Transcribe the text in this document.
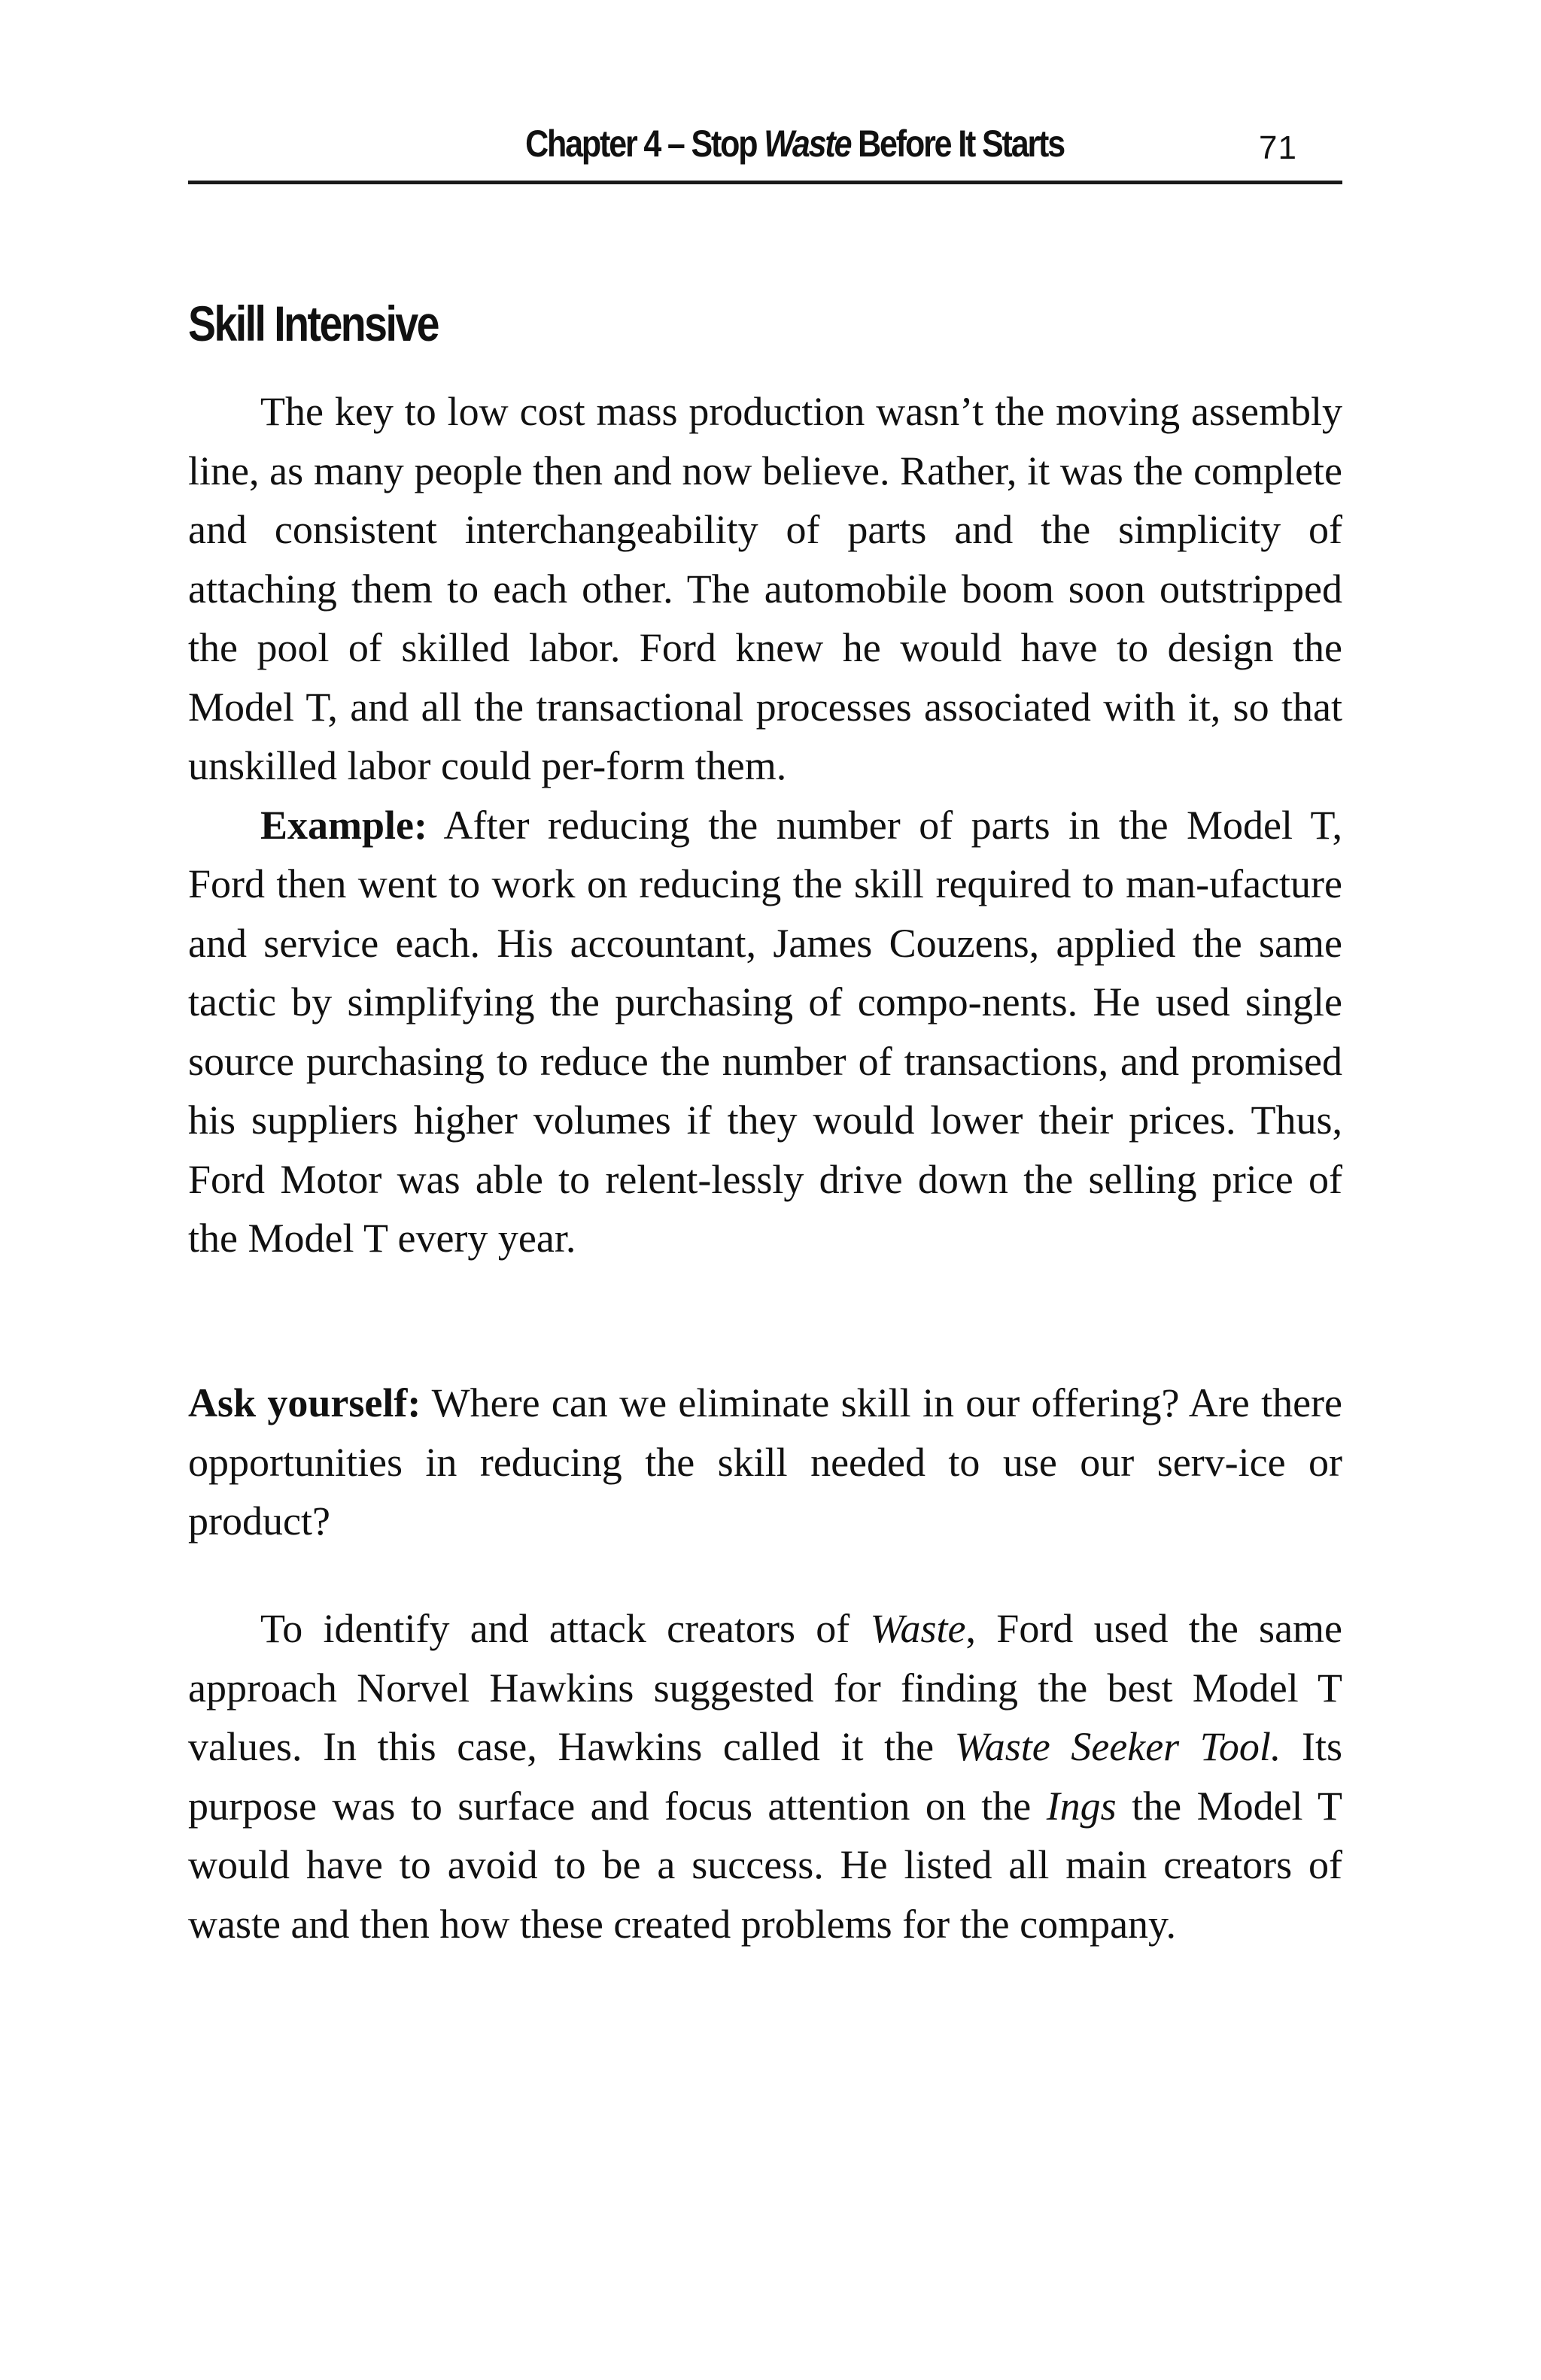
Chapter 4 – Stop Waste Before It Starts	71
Skill Intensive

The key to low cost mass production wasn’t the moving assembly line, as many people then and now believe. Rather, it was the complete and consistent interchangeability of parts and the simplicity of attaching them to each other. The automobile boom soon outstripped the pool of skilled labor. Ford knew he would have to design the Model T, and all the transactional processes associated with it, so that unskilled labor could per-form them.

Example: After reducing the number of parts in the Model T, Ford then went to work on reducing the skill required to man-ufacture and service each. His accountant, James Couzens, applied the same tactic by simplifying the purchasing of compo-nents. He used single source purchasing to reduce the number of transactions, and promised his suppliers higher volumes if they would lower their prices. Thus, Ford Motor was able to relent-lessly drive down the selling price of the Model T every year.

Ask yourself: Where can we eliminate skill in our offering? Are there opportunities in reducing the skill needed to use our serv-ice or product?

To identify and attack creators of Waste, Ford used the same approach Norvel Hawkins suggested for finding the best Model T values. In this case, Hawkins called it the Waste Seeker Tool. Its purpose was to surface and focus attention on the Ings the Model T would have to avoid to be a success. He listed all main creators of waste and then how these created problems for the company.
